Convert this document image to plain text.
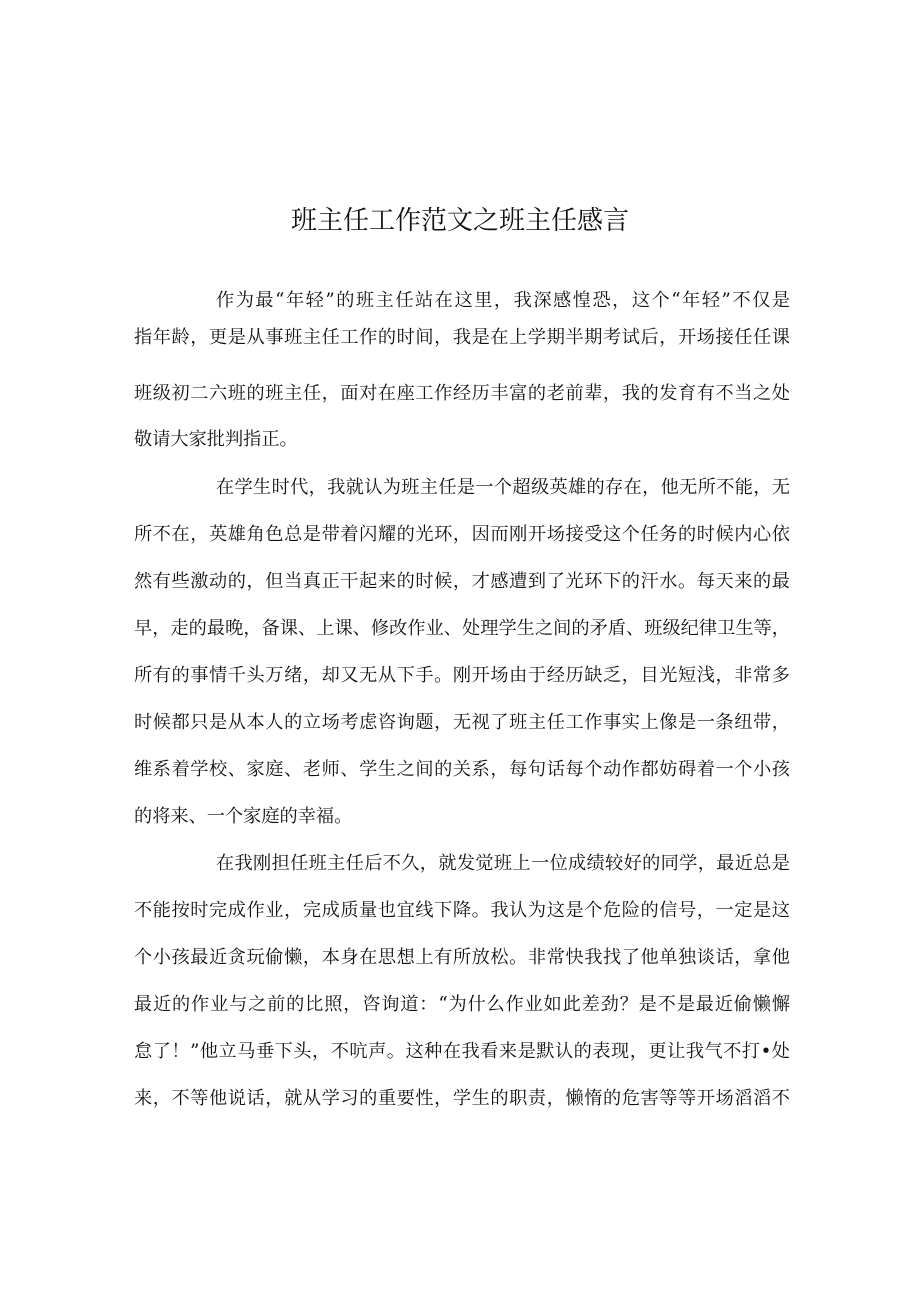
班主任工作范文之班主任感言
作为最“年轻”的班主任站在这里，我深感惶恐，这个“年轻”不仅是
指年龄，更是从事班主任工作的时间，我是在上学期半期考试后，开场接任任课
班级初二六班的班主任，面对在座工作经历丰富的老前辈，我的发育有不当之处
敬请大家批判指正。
在学生时代，我就认为班主任是一个超级英雄的存在，他无所不能，无
所不在，英雄角色总是带着闪耀的光环，因而刚开场接受这个任务的时候内心依
然有些激动的，但当真正干起来的时候，才感遭到了光环下的汗水。每天来的最
早，走的最晚，备课、上课、修改作业、处理学生之间的矛盾、班级纪律卫生等，
所有的事情千头万绪，却又无从下手。刚开场由于经历缺乏，目光短浅，非常多
时候都只是从本人的立场考虑咨询题，无视了班主任工作事实上像是一条纽带，
维系着学校、家庭、老师、学生之间的关系，每句话每个动作都妨碍着一个小孩
的将来、一个家庭的幸福。
在我刚担任班主任后不久，就发觉班上一位成绩较好的同学，最近总是
不能按时完成作业，完成质量也宜线下降。我认为这是个危险的信号，一定是这
个小孩最近贪玩偷懒，本身在思想上有所放松。非常快我找了他单独谈话，拿他
最近的作业与之前的比照，咨询道：“为什么作业如此差劲？是不是最近偷懒懈
怠了！”他立马垂下头，不吭声。这种在我看来是默认的表现，更让我气不打•处
来，不等他说话，就从学习的重要性，学生的职责，懒惰的危害等等开场滔滔不
